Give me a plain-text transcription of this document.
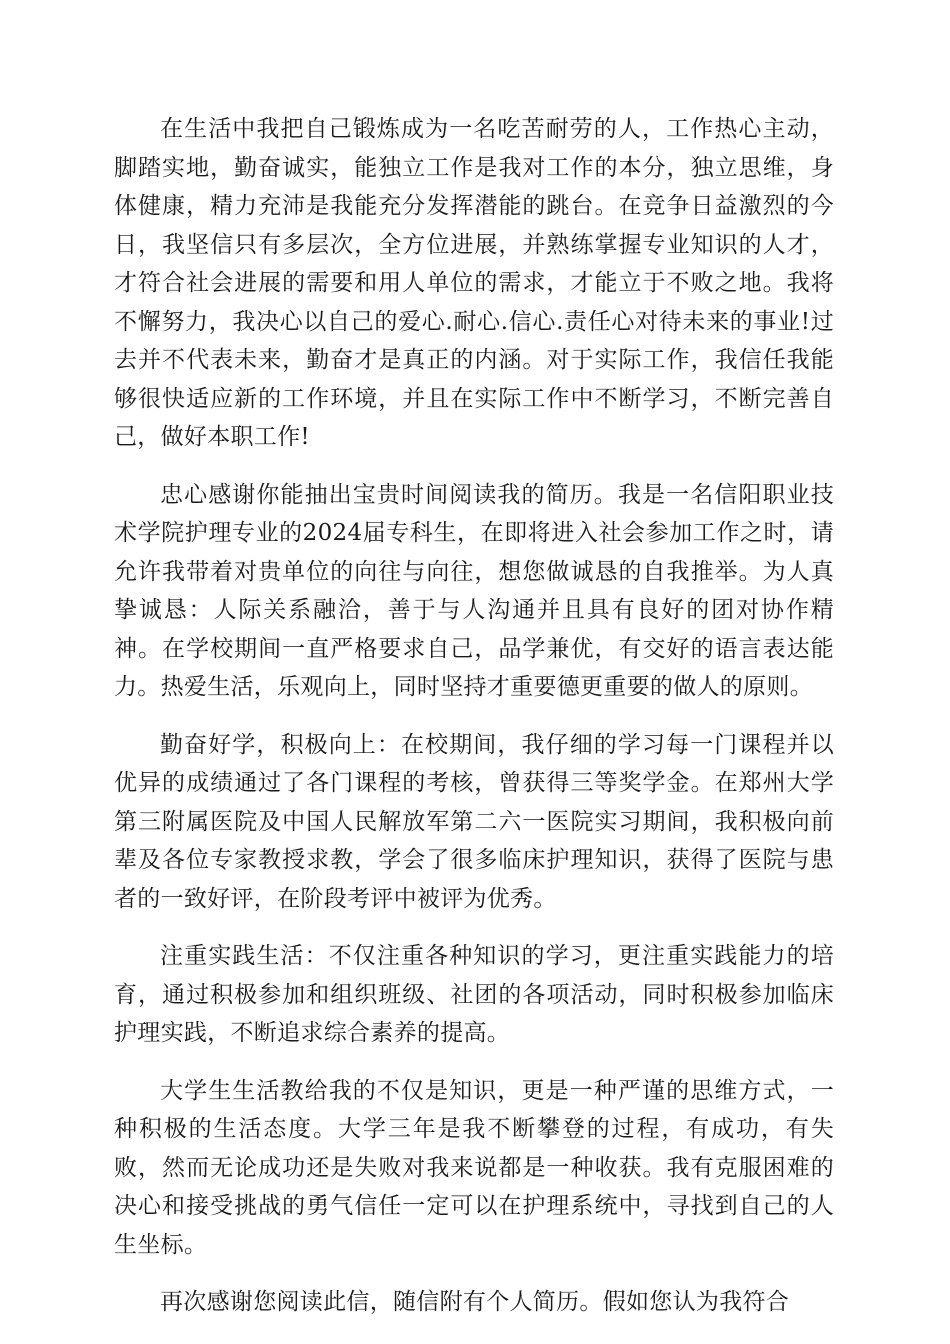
在生活中我把自己锻炼成为一名吃苦耐劳的人，工作热心主动，脚踏实地，勤奋诚实，能独立工作是我对工作的本分，独立思维，身体健康，精力充沛是我能充分发挥潜能的跳台。在竞争日益激烈的今日，我坚信只有多层次，全方位进展，并熟练掌握专业知识的人才，才符合社会进展的需要和用人单位的需求，才能立于不败之地。我将不懈努力，我决心以自己的爱心.耐心.信心.责任心对待未来的事业!过去并不代表未来，勤奋才是真正的内涵。对于实际工作，我信任我能够很快适应新的工作环境，并且在实际工作中不断学习，不断完善自己，做好本职工作!

忠心感谢你能抽出宝贵时间阅读我的简历。我是一名信阳职业技术学院护理专业的2024届专科生，在即将进入社会参加工作之时，请允许我带着对贵单位的向往与向往，想您做诚恳的自我推举。为人真挚诚恳：人际关系融洽，善于与人沟通并且具有良好的团对协作精神。在学校期间一直严格要求自己，品学兼优，有交好的语言表达能力。热爱生活，乐观向上，同时坚持才重要德更重要的做人的原则。

勤奋好学，积极向上：在校期间，我仔细的学习每一门课程并以优异的成绩通过了各门课程的考核，曾获得三等奖学金。在郑州大学第三附属医院及中国人民解放军第二六一医院实习期间，我积极向前辈及各位专家教授求教，学会了很多临床护理知识，获得了医院与患者的一致好评，在阶段考评中被评为优秀。

注重实践生活：不仅注重各种知识的学习，更注重实践能力的培育，通过积极参加和组织班级、社团的各项活动，同时积极参加临床护理实践，不断追求综合素养的提高。

大学生生活教给我的不仅是知识，更是一种严谨的思维方式，一种积极的生活态度。大学三年是我不断攀登的过程，有成功，有失败，然而无论成功还是失败对我来说都是一种收获。我有克服困难的决心和接受挑战的勇气信任一定可以在护理系统中，寻找到自己的人生坐标。

再次感谢您阅读此信，随信附有个人简历。假如您认为我符合
